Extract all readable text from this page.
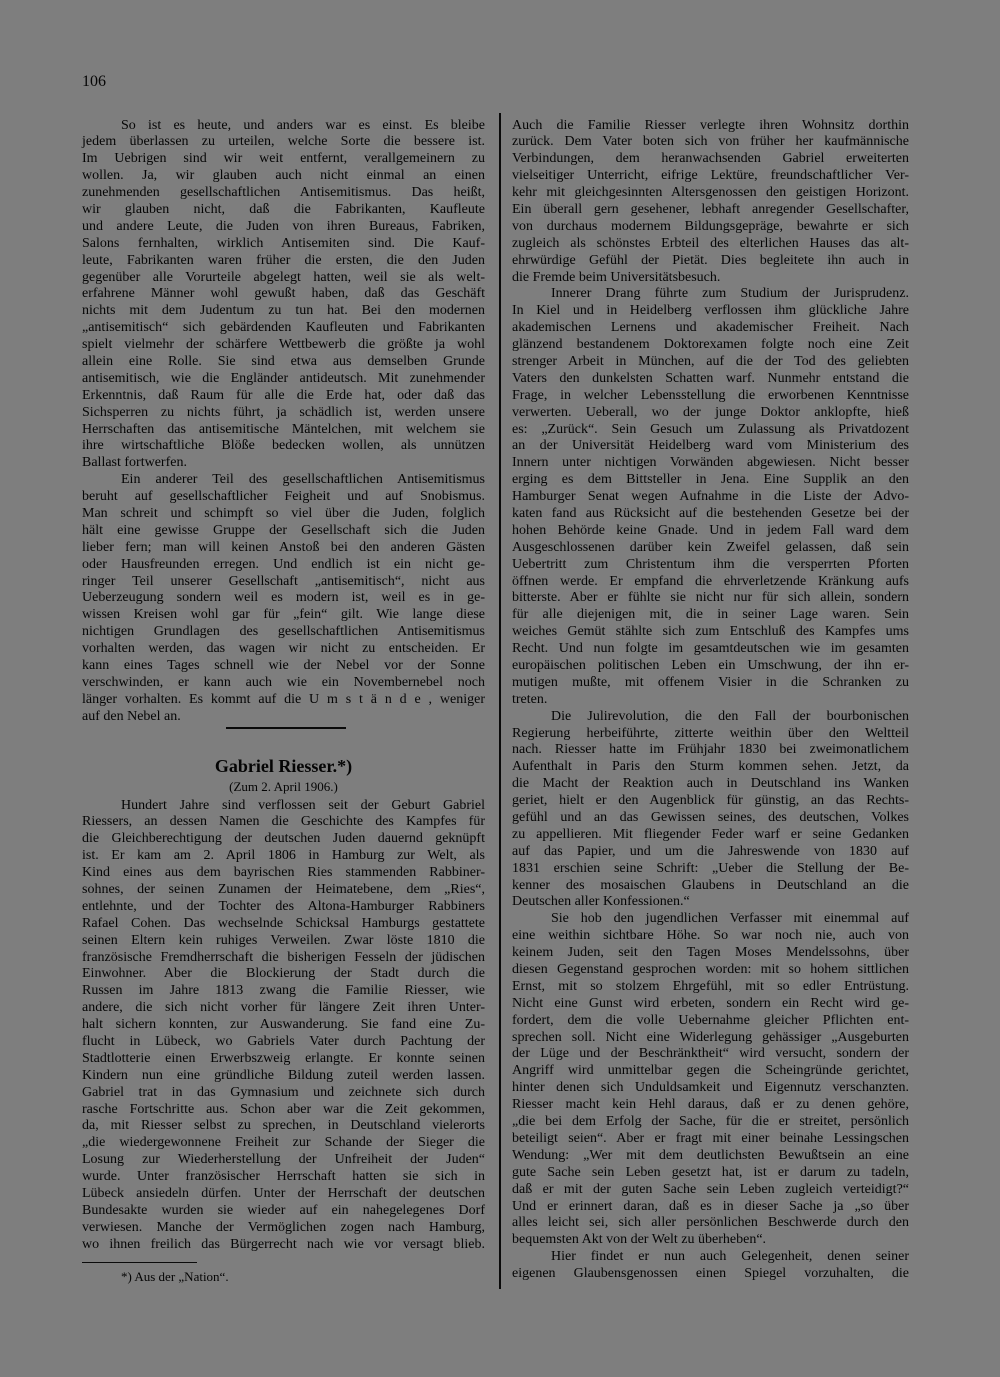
106
So ist es heute, und anders war es einst. Es bleibe
jedem überlassen zu urteilen, welche Sorte die bessere ist.
Im Uebrigen sind wir weit entfernt, verallgemeinern zu
wollen. Ja, wir glauben auch nicht einmal an einen
zunehmenden gesellschaftlichen Antisemitismus. Das heißt,
wir glauben nicht, daß die Fabrikanten, Kaufleute
und andere Leute, die Juden von ihren Bureaus, Fabriken,
Salons fernhalten, wirklich Antisemiten sind. Die Kauf-
leute, Fabrikanten waren früher die ersten, die den Juden
gegenüber alle Vorurteile abgelegt hatten, weil sie als welt-
erfahrene Männer wohl gewußt haben, daß das Geschäft
nichts mit dem Judentum zu tun hat. Bei den modernen
„antisemitisch“ sich gebärdenden Kaufleuten und Fabrikanten
spielt vielmehr der schärfere Wettbewerb die größte ja wohl
allein eine Rolle. Sie sind etwa aus demselben Grunde
antisemitisch, wie die Engländer antideutsch. Mit zunehmender
Erkenntnis, daß Raum für alle die Erde hat, oder daß das
Sichsperren zu nichts führt, ja schädlich ist, werden unsere
Herrschaften das antisemitische Mäntelchen, mit welchem sie
ihre wirtschaftliche Blöße bedecken wollen, als unnützen
Ballast fortwerfen.
Ein anderer Teil des gesellschaftlichen Antisemitismus
beruht auf gesellschaftlicher Feigheit und auf Snobismus.
Man schreit und schimpft so viel über die Juden, folglich
hält eine gewisse Gruppe der Gesellschaft sich die Juden
lieber fern; man will keinen Anstoß bei den anderen Gästen
oder Hausfreunden erregen. Und endlich ist ein nicht ge-
ringer Teil unserer Gesellschaft „antisemitisch“, nicht aus
Ueberzeugung sondern weil es modern ist, weil es in ge-
wissen Kreisen wohl gar für „fein“ gilt. Wie lange diese
nichtigen Grundlagen des gesellschaftlichen Antisemitismus
vorhalten werden, das wagen wir nicht zu entscheiden. Er
kann eines Tages schnell wie der Nebel vor der Sonne
verschwinden, er kann auch wie ein Novembernebel noch
länger vorhalten. Es kommt auf die U m s t ä n d e , weniger
auf den Nebel an.
Gabriel Riesser.*)
(Zum 2. April 1906.)
Hundert Jahre sind verflossen seit der Geburt Gabriel
Riessers, an dessen Namen die Geschichte des Kampfes für
die Gleichberechtigung der deutschen Juden dauernd geknüpft
ist. Er kam am 2. April 1806 in Hamburg zur Welt, als
Kind eines aus dem bayrischen Ries stammenden Rabbiner-
sohnes, der seinen Zunamen der Heimatebene, dem „Ries“,
entlehnte, und der Tochter des Altona-Hamburger Rabbiners
Rafael Cohen. Das wechselnde Schicksal Hamburgs gestattete
seinen Eltern kein ruhiges Verweilen. Zwar löste 1810 die
französische Fremdherrschaft die bisherigen Fesseln der jüdischen
Einwohner. Aber die Blockierung der Stadt durch die
Russen im Jahre 1813 zwang die Familie Riesser, wie
andere, die sich nicht vorher für längere Zeit ihren Unter-
halt sichern konnten, zur Auswanderung. Sie fand eine Zu-
flucht in Lübeck, wo Gabriels Vater durch Pachtung der
Stadtlotterie einen Erwerbszweig erlangte. Er konnte seinen
Kindern nun eine gründliche Bildung zuteil werden lassen.
Gabriel trat in das Gymnasium und zeichnete sich durch
rasche Fortschritte aus. Schon aber war die Zeit gekommen,
da, mit Riesser selbst zu sprechen, in Deutschland vielerorts
„die wiedergewonnene Freiheit zur Schande der Sieger die
Losung zur Wiederherstellung der Unfreiheit der Juden“
wurde. Unter französischer Herrschaft hatten sie sich in
Lübeck ansiedeln dürfen. Unter der Herrschaft der deutschen
Bundesakte wurden sie wieder auf ein nahegelegenes Dorf
verwiesen. Manche der Vermöglichen zogen nach Hamburg,
wo ihnen freilich das Bürgerrecht nach wie vor versagt blieb.
*) Aus der „Nation“.
Auch die Familie Riesser verlegte ihren Wohnsitz dorthin
zurück. Dem Vater boten sich von früher her kaufmännische
Verbindungen, dem heranwachsenden Gabriel erweiterten
vielseitiger Unterricht, eifrige Lektüre, freundschaftlicher Ver-
kehr mit gleichgesinnten Altersgenossen den geistigen Horizont.
Ein überall gern gesehener, lebhaft anregender Gesellschafter,
von durchaus modernem Bildungsgepräge, bewahrte er sich
zugleich als schönstes Erbteil des elterlichen Hauses das alt-
ehrwürdige Gefühl der Pietät. Dies begleitete ihn auch in
die Fremde beim Universitätsbesuch.
Innerer Drang führte zum Studium der Jurisprudenz.
In Kiel und in Heidelberg verflossen ihm glückliche Jahre
akademischen Lernens und akademischer Freiheit. Nach
glänzend bestandenem Doktorexamen folgte noch eine Zeit
strenger Arbeit in München, auf die der Tod des geliebten
Vaters den dunkelsten Schatten warf. Nunmehr entstand die
Frage, in welcher Lebensstellung die erworbenen Kenntnisse
verwerten. Ueberall, wo der junge Doktor anklopfte, hieß
es: „Zurück“. Sein Gesuch um Zulassung als Privatdozent
an der Universität Heidelberg ward vom Ministerium des
Innern unter nichtigen Vorwänden abgewiesen. Nicht besser
erging es dem Bittsteller in Jena. Eine Supplik an den
Hamburger Senat wegen Aufnahme in die Liste der Advo-
katen fand aus Rücksicht auf die bestehenden Gesetze bei der
hohen Behörde keine Gnade. Und in jedem Fall ward dem
Ausgeschlossenen darüber kein Zweifel gelassen, daß sein
Uebertritt zum Christentum ihm die versperrten Pforten
öffnen werde. Er empfand die ehrverletzende Kränkung aufs
bitterste. Aber er fühlte sie nicht nur für sich allein, sondern
für alle diejenigen mit, die in seiner Lage waren. Sein
weiches Gemüt stählte sich zum Entschluß des Kampfes ums
Recht. Und nun folgte im gesamtdeutschen wie im gesamten
europäischen politischen Leben ein Umschwung, der ihn er-
mutigen mußte, mit offenem Visier in die Schranken zu
treten.
Die Julirevolution, die den Fall der bourbonischen
Regierung herbeiführte, zitterte weithin über den Weltteil
nach. Riesser hatte im Frühjahr 1830 bei zweimonatlichem
Aufenthalt in Paris den Sturm kommen sehen. Jetzt, da
die Macht der Reaktion auch in Deutschland ins Wanken
geriet, hielt er den Augenblick für günstig, an das Rechts-
gefühl und an das Gewissen seines, des deutschen, Volkes
zu appellieren. Mit fliegender Feder warf er seine Gedanken
auf das Papier, und um die Jahreswende von 1830 auf
1831 erschien seine Schrift: „Ueber die Stellung der Be-
kenner des mosaischen Glaubens in Deutschland an die
Deutschen aller Konfessionen.“
Sie hob den jugendlichen Verfasser mit einemmal auf
eine weithin sichtbare Höhe. So war noch nie, auch von
keinem Juden, seit den Tagen Moses Mendelssohns, über
diesen Gegenstand gesprochen worden: mit so hohem sittlichen
Ernst, mit so stolzem Ehrgefühl, mit so edler Entrüstung.
Nicht eine Gunst wird erbeten, sondern ein Recht wird ge-
fordert, dem die volle Uebernahme gleicher Pflichten ent-
sprechen soll. Nicht eine Widerlegung gehässiger „Ausgeburten
der Lüge und der Beschränktheit“ wird versucht, sondern der
Angriff wird unmittelbar gegen die Scheingründe gerichtet,
hinter denen sich Unduldsamkeit und Eigennutz verschanzten.
Riesser macht kein Hehl daraus, daß er zu denen gehöre,
„die bei dem Erfolg der Sache, für die er streitet, persönlich
beteiligt seien“. Aber er fragt mit einer beinahe Lessingschen
Wendung: „Wer mit dem deutlichsten Bewußtsein an eine
gute Sache sein Leben gesetzt hat, ist er darum zu tadeln,
daß er mit der guten Sache sein Leben zugleich verteidigt?“
Und er erinnert daran, daß es in dieser Sache ja „so über
alles leicht sei, sich aller persönlichen Beschwerde durch den
bequemsten Akt von der Welt zu überheben“.
Hier findet er nun auch Gelegenheit, denen seiner
eigenen Glaubensgenossen einen Spiegel vorzuhalten, die
